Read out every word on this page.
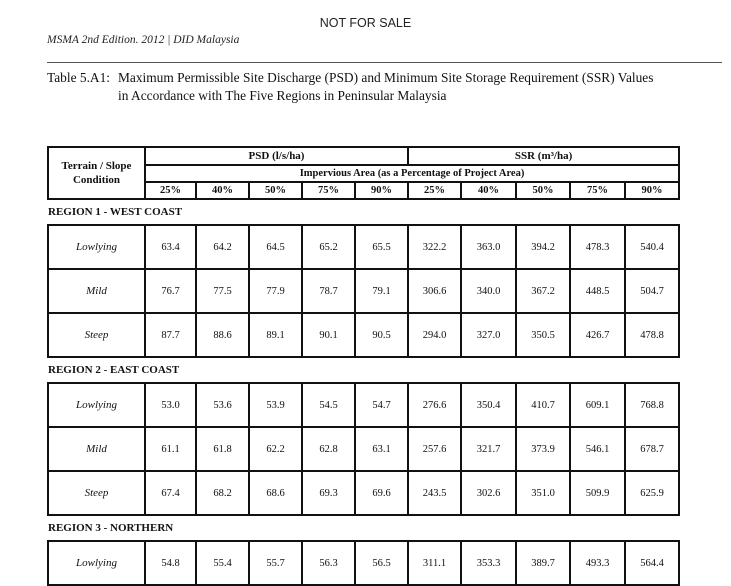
NOT FOR SALE
MSMA 2nd Edition. 2012 | DID Malaysia
Table 5.A1: Maximum Permissible Site Discharge (PSD) and Minimum Site Storage Requirement (SSR) Values
in Accordance with The Five Regions in Peninsular Malaysia
Terrain / Slope Condition	PSD (l/s/ha)					SSR (m³/ha)				
	Impervious Area (as a Percentage of Project Area)									
	25%	40%	50%	75%	90%	25%	40%	50%	75%	90%
REGION 1 - WEST COAST										
Lowlying	63.4	64.2	64.5	65.2	65.5	322.2	363.0	394.2	478.3	540.4
Mild	76.7	77.5	77.9	78.7	79.1	306.6	340.0	367.2	448.5	504.7
Steep	87.7	88.6	89.1	90.1	90.5	294.0	327.0	350.5	426.7	478.8
REGION 2 - EAST COAST										
Lowlying	53.0	53.6	53.9	54.5	54.7	276.6	350.4	410.7	609.1	768.8
Mild	61.1	61.8	62.2	62.8	63.1	257.6	321.7	373.9	546.1	678.7
Steep	67.4	68.2	68.6	69.3	69.6	243.5	302.6	351.0	509.9	625.9
REGION 3 - NORTHERN										
Lowlying	54.8	55.4	55.7	56.3	56.5	311.1	353.3	389.7	493.3	564.4
